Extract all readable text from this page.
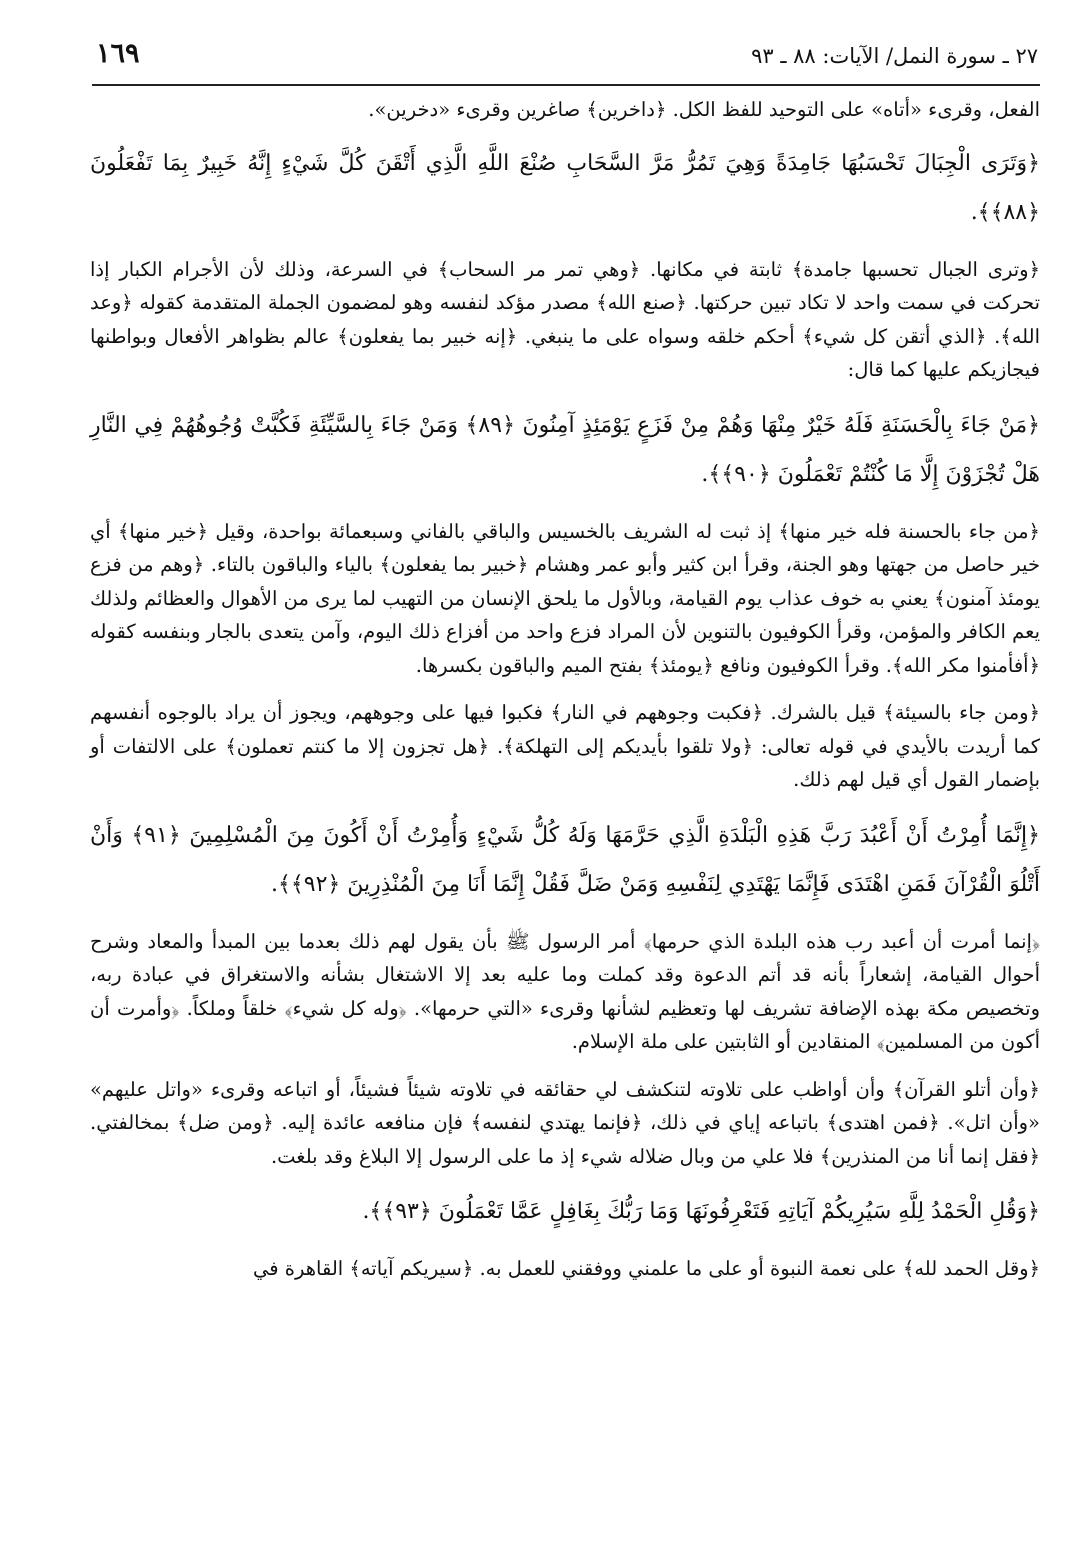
١٦٩	٢٧ ـ سورة النمل/ الآيات: ٨٨ ـ ٩٣

الفعل، وقرىء «أتاه» على التوحيد للفظ الكل. ﴿داخرين﴾ صاغرين وقرىء «دخرين».

﴿وَتَرَى الْجِبَالَ تَحْسَبُهَا جَامِدَةً وَهِيَ تَمُرُّ مَرَّ السَّحَابِ صُنْعَ اللَّهِ الَّذِي أَتْقَنَ كُلَّ شَيْءٍ إِنَّهُ خَبِيرٌ بِمَا تَفْعَلُونَ ﴿٨٨﴾﴾.

﴿وترى الجبال تحسبها جامدة﴾ ثابتة في مكانها. ﴿وهي تمر مر السحاب﴾ في السرعة، وذلك لأن الأجرام الكبار إذا تحركت في سمت واحد لا تكاد تبين حركتها. ﴿صنع الله﴾ مصدر مؤكد لنفسه وهو لمضمون الجملة المتقدمة كقوله ﴿وعد الله﴾. ﴿الذي أتقن كل شيء﴾ أحكم خلقه وسواه على ما ينبغي. ﴿إنه خبير بما يفعلون﴾ عالم بظواهر الأفعال وبواطنها فيجازيكم عليها كما قال:

﴿مَنْ جَاءَ بِالْحَسَنَةِ فَلَهُ خَيْرٌ مِنْهَا وَهُمْ مِنْ فَزَعٍ يَوْمَئِذٍ آمِنُونَ ﴿٨٩﴾ وَمَنْ جَاءَ بِالسَّيِّئَةِ فَكُبَّتْ وُجُوهُهُمْ فِي النَّارِ هَلْ تُجْزَوْنَ إِلَّا مَا كُنْتُمْ تَعْمَلُونَ ﴿٩٠﴾﴾.

﴿من جاء بالحسنة فله خير منها﴾ إذ ثبت له الشريف بالخسيس والباقي بالفاني وسبعمائة بواحدة، وقيل ﴿خير منها﴾ أي خير حاصل من جهتها وهو الجنة، وقرأ ابن كثير وأبو عمر وهشام ﴿خبير بما يفعلون﴾ بالياء والباقون بالتاء. ﴿وهم من فزع يومئذ آمنون﴾ يعني به خوف عذاب يوم القيامة، وبالأول ما يلحق الإنسان من التهيب لما يرى من الأهوال والعظائم ولذلك يعم الكافر والمؤمن، وقرأ الكوفيون بالتنوين لأن المراد فزع واحد من أفزاع ذلك اليوم، وآمن يتعدى بالجار وبنفسه كقوله ﴿أفأمنوا مكر الله﴾. وقرأ الكوفيون ونافع ﴿يومئذ﴾ بفتح الميم والباقون بكسرها.

﴿ومن جاء بالسيئة﴾ قيل بالشرك. ﴿فكبت وجوههم في النار﴾ فكبوا فيها على وجوههم، ويجوز أن يراد بالوجوه أنفسهم كما أريدت بالأيدي في قوله تعالى: ﴿ولا تلقوا بأيديكم إلى التهلكة﴾. ﴿هل تجزون إلا ما كنتم تعملون﴾ على الالتفات أو بإضمار القول أي قيل لهم ذلك.

﴿إِنَّمَا أُمِرْتُ أَنْ أَعْبُدَ رَبَّ هَذِهِ الْبَلْدَةِ الَّذِي حَرَّمَهَا وَلَهُ كُلُّ شَيْءٍ وَأُمِرْتُ أَنْ أَكُونَ مِنَ الْمُسْلِمِينَ ﴿٩١﴾ وَأَنْ أَتْلُوَ الْقُرْآنَ فَمَنِ اهْتَدَى فَإِنَّمَا يَهْتَدِي لِنَفْسِهِ وَمَنْ ضَلَّ فَقُلْ إِنَّمَا أَنَا مِنَ الْمُنْذِرِينَ ﴿٩٢﴾﴾.

﴿إنما أمرت أن أعبد رب هذه البلدة الذي حرمها﴾ أمر الرسول ﷺ بأن يقول لهم ذلك بعدما بين المبدأ والمعاد وشرح أحوال القيامة، إشعاراً بأنه قد أتم الدعوة وقد كملت وما عليه بعد إلا الاشتغال بشأنه والاستغراق في عبادة ربه، وتخصيص مكة بهذه الإضافة تشريف لها وتعظيم لشأنها وقرىء «التي حرمها». ﴿وله كل شيء﴾ خلقاً وملكاً. ﴿وأمرت أن أكون من المسلمين﴾ المنقادين أو الثابتين على ملة الإسلام.

﴿وأن أتلو القرآن﴾ وأن أواظب على تلاوته لتنكشف لي حقائقه في تلاوته شيئاً فشيئاً، أو اتباعه وقرىء «واتل عليهم» «وأن اتل». ﴿فمن اهتدى﴾ باتباعه إياي في ذلك، ﴿فإنما يهتدي لنفسه﴾ فإن منافعه عائدة إليه. ﴿ومن ضل﴾ بمخالفتي. ﴿فقل إنما أنا من المنذرين﴾ فلا علي من وبال ضلاله شيء إذ ما على الرسول إلا البلاغ وقد بلغت.

﴿وَقُلِ الْحَمْدُ لِلَّهِ سَيُرِيكُمْ آيَاتِهِ فَتَعْرِفُونَهَا وَمَا رَبُّكَ بِغَافِلٍ عَمَّا تَعْمَلُونَ ﴿٩٣﴾﴾.

﴿وقل الحمد لله﴾ على نعمة النبوة أو على ما علمني ووفقني للعمل به. ﴿سيريكم آياته﴾ القاهرة في
